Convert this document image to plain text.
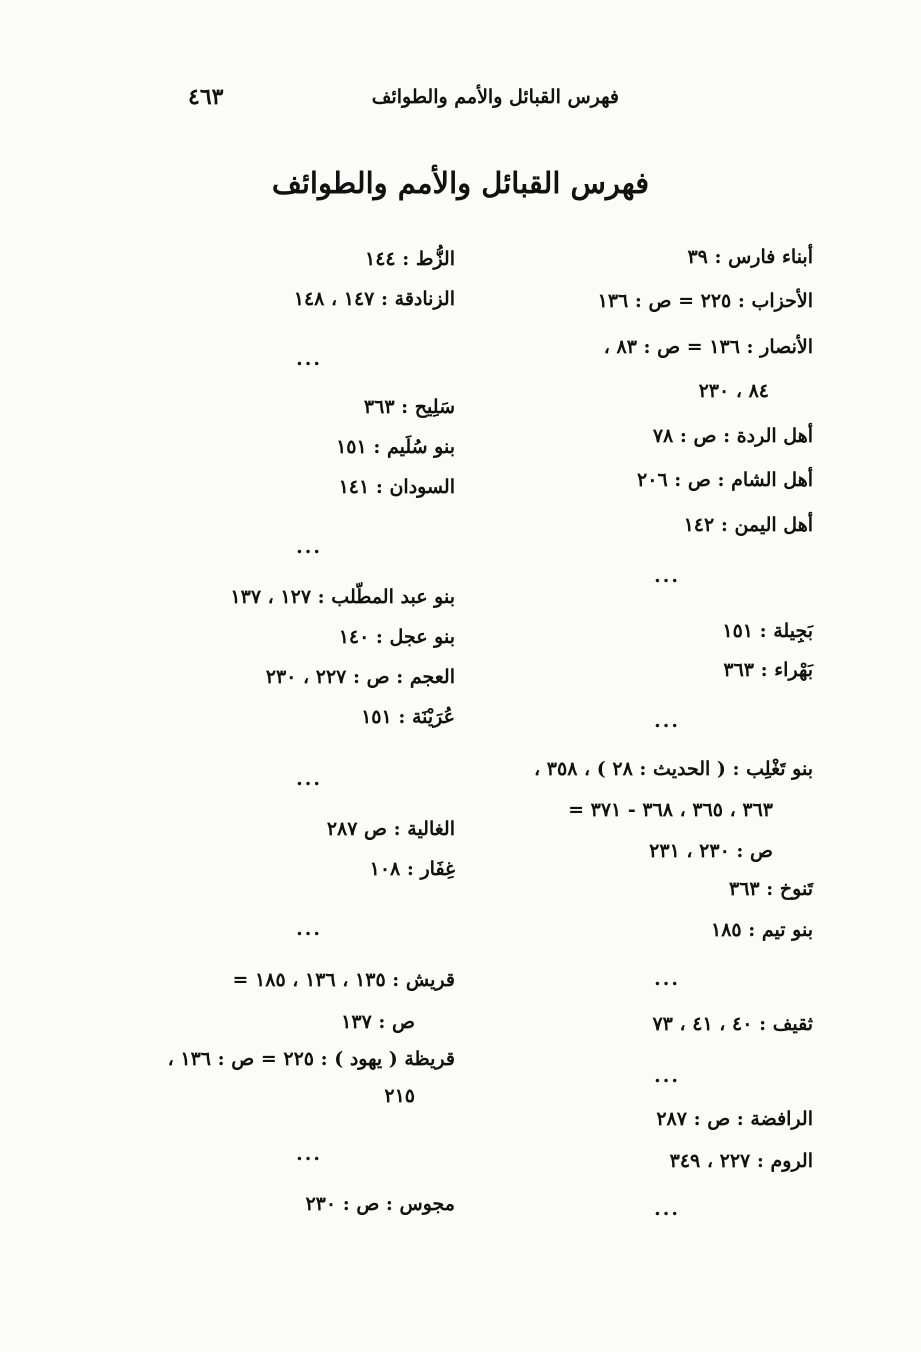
فهرس القبائل والأمم والطوائف
٤٦٣
فهرس القبائل والأمم والطوائف
أبناء فارس : ٣٩
الأحزاب : ٢٢٥ = ص : ١٣٦
الأنصار : ١٣٦ = ص : ٨٣ ،
٨٤ ، ٢٣٠
أهل الردة : ص : ٧٨
أهل الشام : ص : ٢٠٦
أهل اليمن : ١٤٢
...
بَجِيلة : ١٥١
بَهْراء : ٣٦٣
...
بنو تَغْلِب : ( الحديث : ٢٨ ) ، ٣٥٨ ،
٣٦٣ ، ٣٦٥ ، ٣٦٨ - ٣٧١ =
ص : ٢٣٠ ، ٢٣١
تَنوخ : ٣٦٣
بنو تيم : ١٨٥
...
ثقيف : ٤٠ ، ٤١ ، ٧٣
...
الرافضة : ص : ٢٨٧
الروم : ٢٢٧ ، ٣٤٩
...
الزُّط : ١٤٤
الزنادقة : ١٤٧ ، ١٤٨
...
سَلِيح : ٣٦٣
بنو سُلَيم : ١٥١
السودان : ١٤١
...
بنو عبد المطّلب : ١٢٧ ، ١٣٧
بنو عجل : ١٤٠
العجم : ص : ٢٢٧ ، ٢٣٠
عُرَيْنَة : ١٥١
...
الغالية : ص ٢٨٧
غِفَار : ١٠٨
...
قريش : ١٣٥ ، ١٣٦ ، ١٨٥ =
ص : ١٣٧
قريظة ( يهود ) : ٢٢٥ = ص : ١٣٦ ،
٢١٥
...
مجوس : ص : ٢٣٠
